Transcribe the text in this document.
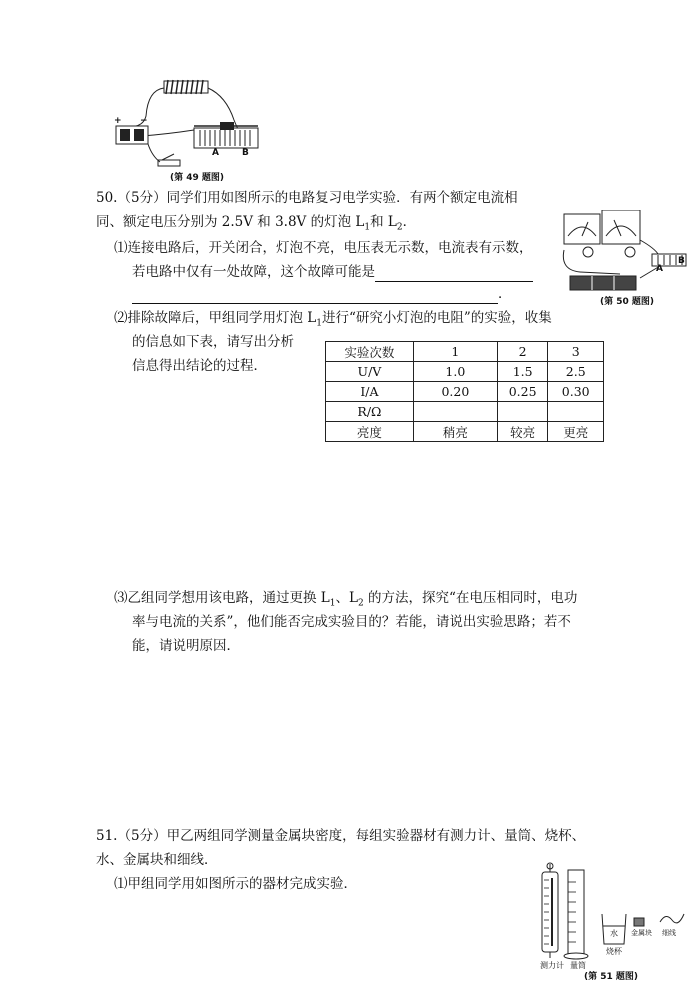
+ −
A	B
(第 49 题图)
50.（5分）同学们用如图所示的电路复习电学实验．有两个额定电流相
同、额定电压分别为 2.5V 和 3.8V 的灯泡 $L_1$和 $L_2$．
A
B
(第 50 题图)
⑴连接电路后，开关闭合，灯泡不亮，电压表无示数，电流表有示数，
若电路中仅有一处故障，这个故障可能是
．
⑵排除故障后，甲组同学用灯泡 $L_1$进行“研究小灯泡的电阻”的实验，收集
的信息如下表，请写出分析
信息得出结论的过程．
实验次数	1	2	3
U/V	1.0	1.5	2.5
I/A	0.20	0.25	0.30
R/Ω			
亮度	稍亮	较亮	更亮
⑶乙组同学想用该电路，通过更换 $L_1$、$L_2$ 的方法，探究“在电压相同时，电功
率与电流的关系”，他们能否完成实验目的？若能，请说出实验思路；若不
能，请说明原因．
51.（5分）甲乙两组同学测量金属块密度，每组实验器材有测力计、量筒、烧杯、
水、金属块和细线．
⑴甲组同学用如图所示的器材完成实验．
测力计 量筒
烧杯
水 金属块 细线
(第 51 题图)
